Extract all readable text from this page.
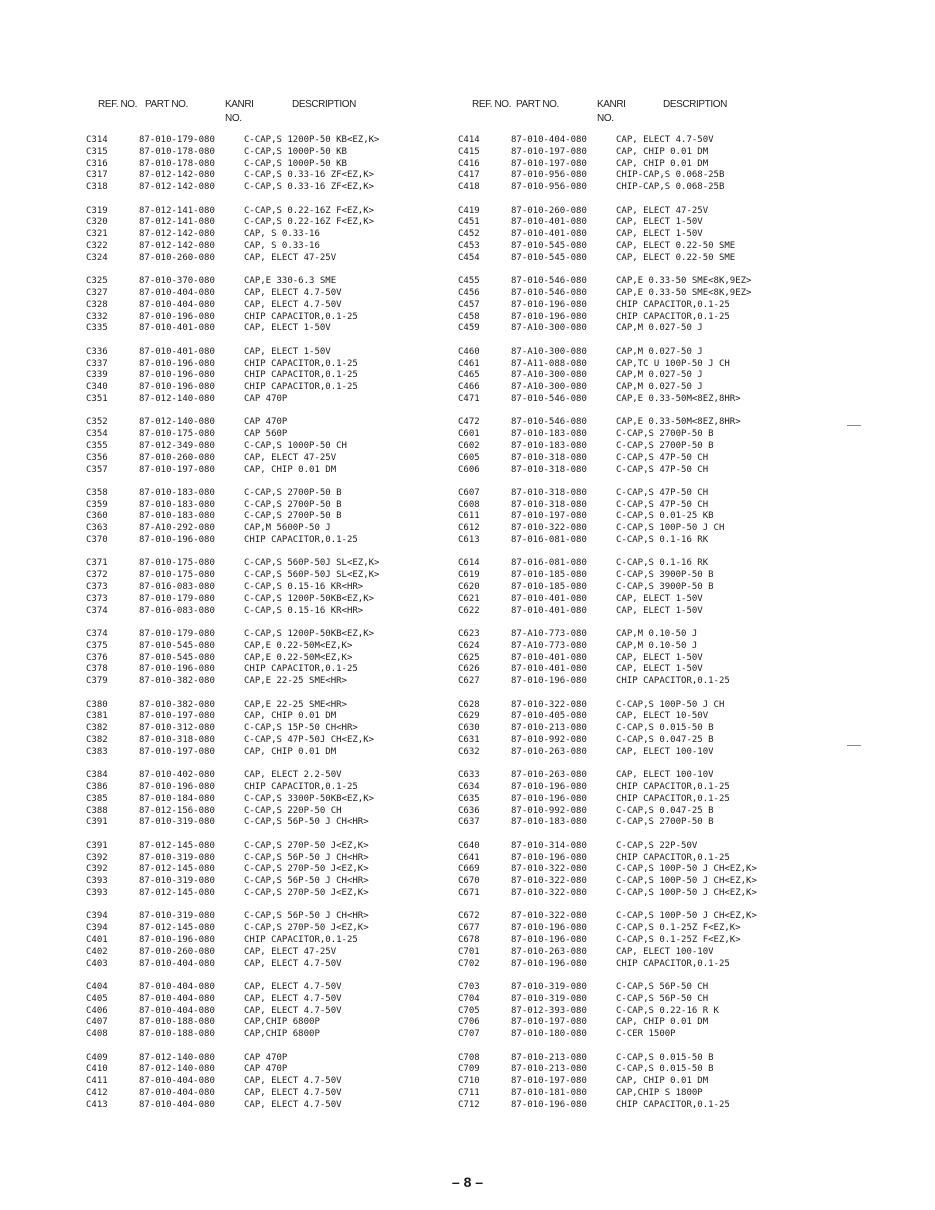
REF. NO. PART NO.	KANRI
NO.
DESCRIPTION	REF. NO. PART NO.	KANRI
NO.
DESCRIPTION
C314	87-010-179-080	C-CAP,S 1200P-50 KB<EZ,K>
C315	87-010-178-080	C-CAP,S 1000P-50 KB
C316	87-010-178-080	C-CAP,S 1000P-50 KB
C317	87-012-142-080	C-CAP,S 0.33-16 ZF<EZ,K>
C318	87-012-142-080	C-CAP,S 0.33-16 ZF<EZ,K>
C319	87-012-141-080	C-CAP,S 0.22-16Z F<EZ,K>
C320	87-012-141-080	C-CAP,S 0.22-16Z F<EZ,K>
C321	87-012-142-080	CAP, S 0.33-16
C322	87-012-142-080	CAP, S 0.33-16
C324	87-010-260-080	CAP, ELECT 47-25V
C325	87-010-370-080	CAP,E 330-6.3 SME
C327	87-010-404-080	CAP, ELECT 4.7-50V
C328	87-010-404-080	CAP, ELECT 4.7-50V
C332	87-010-196-080	CHIP CAPACITOR,0.1-25
C335	87-010-401-080	CAP, ELECT 1-50V
C336	87-010-401-080	CAP, ELECT 1-50V
C337	87-010-196-080	CHIP CAPACITOR,0.1-25
C339	87-010-196-080	CHIP CAPACITOR,0.1-25
C340	87-010-196-080	CHIP CAPACITOR,0.1-25
C351	87-012-140-080	CAP 470P
C352	87-012-140-080	CAP 470P
C354	87-010-175-080	CAP 560P
C355	87-012-349-080	C-CAP,S 1000P-50 CH
C356	87-010-260-080	CAP, ELECT 47-25V
C357	87-010-197-080	CAP, CHIP 0.01 DM
C358	87-010-183-080	C-CAP,S 2700P-50 B
C359	87-010-183-080	C-CAP,S 2700P-50 B
C360	87-010-183-080	C-CAP,S 2700P-50 B
C363	87-A10-292-080	CAP,M 5600P-50 J
C370	87-010-196-080	CHIP CAPACITOR,0.1-25
C371	87-010-175-080	C-CAP,S 560P-50J SL<EZ,K>
C372	87-010-175-080	C-CAP,S 560P-50J SL<EZ,K>
C373	87-016-083-080	C-CAP,S 0.15-16 KR<HR>
C373	87-010-179-080	C-CAP,S 1200P-50KB<EZ,K>
C374	87-016-083-080	C-CAP,S 0.15-16 KR<HR>
C374	87-010-179-080	C-CAP,S 1200P-50KB<EZ,K>
C375	87-010-545-080	CAP,E 0.22-50M<EZ,K>
C376	87-010-545-080	CAP,E 0.22-50M<EZ,K>
C378	87-010-196-080	CHIP CAPACITOR,0.1-25
C379	87-010-382-080	CAP,E 22-25 SME<HR>
C380	87-010-382-080	CAP,E 22-25 SME<HR>
C381	87-010-197-080	CAP, CHIP 0.01 DM
C382	87-010-312-080	C-CAP,S 15P-50 CH<HR>
C382	87-010-318-080	C-CAP,S 47P-50J CH<EZ,K>
C383	87-010-197-080	CAP, CHIP 0.01 DM
C384	87-010-402-080	CAP, ELECT 2.2-50V
C386	87-010-196-080	CHIP CAPACITOR,0.1-25
C385	87-010-184-080	C-CAP,S 3300P-50KB<EZ,K>
C388	87-012-156-080	C-CAP,S 220P-50 CH
C391	87-010-319-080	C-CAP,S 56P-50 J CH<HR>
C391	87-012-145-080	C-CAP,S 270P-50 J<EZ,K>
C392	87-010-319-080	C-CAP,S 56P-50 J CH<HR>
C392	87-012-145-080	C-CAP,S 270P-50 J<EZ,K>
C393	87-010-319-080	C-CAP,S 56P-50 J CH<HR>
C393	87-012-145-080	C-CAP,S 270P-50 J<EZ,K>
C394	87-010-319-080	C-CAP,S 56P-50 J CH<HR>
C394	87-012-145-080	C-CAP,S 270P-50 J<EZ,K>
C401	87-010-196-080	CHIP CAPACITOR,0.1-25
C402	87-010-260-080	CAP, ELECT 47-25V
C403	87-010-404-080	CAP, ELECT 4.7-50V
C404	87-010-404-080	CAP, ELECT 4.7-50V
C405	87-010-404-080	CAP, ELECT 4.7-50V
C406	87-010-404-080	CAP, ELECT 4.7-50V
C407	87-010-188-080	CAP,CHIP 6800P
C408	87-010-188-080	CAP,CHIP 6800P
C409	87-012-140-080	CAP 470P
C410	87-012-140-080	CAP 470P
C411	87-010-404-080	CAP, ELECT 4.7-50V
C412	87-010-404-080	CAP, ELECT 4.7-50V
C413	87-010-404-080	CAP, ELECT 4.7-50V
C414	87-010-404-080	CAP, ELECT 4.7-50V
C415	87-010-197-080	CAP, CHIP 0.01 DM
C416	87-010-197-080	CAP, CHIP 0.01 DM
C417	87-010-956-080	CHIP-CAP,S 0.068-25B
C418	87-010-956-080	CHIP-CAP,S 0.068-25B
C419	87-010-260-080	CAP, ELECT 47-25V
C451	87-010-401-080	CAP, ELECT 1-50V
C452	87-010-401-080	CAP, ELECT 1-50V
C453	87-010-545-080	CAP, ELECT 0.22-50 SME
C454	87-010-545-080	CAP, ELECT 0.22-50 SME
C455	87-010-546-080	CAP,E 0.33-50 SME<8K,9EZ>
C456	87-010-546-080	CAP,E 0.33-50 SME<8K,9EZ>
C457	87-010-196-080	CHIP CAPACITOR,0.1-25
C458	87-010-196-080	CHIP CAPACITOR,0.1-25
C459	87-A10-300-080	CAP,M 0.027-50 J
C460	87-A10-300-080	CAP,M 0.027-50 J
C461	87-A11-088-080	CAP,TC U 100P-50 J CH
C465	87-A10-300-080	CAP,M 0.027-50 J
C466	87-A10-300-080	CAP,M 0.027-50 J
C471	87-010-546-080	CAP,E 0.33-50M<8EZ,8HR>
C472	87-010-546-080	CAP,E 0.33-50M<8EZ,8HR>
C601	87-010-183-080	C-CAP,S 2700P-50 B
C602	87-010-183-080	C-CAP,S 2700P-50 B
C605	87-010-318-080	C-CAP,S 47P-50 CH
C606	87-010-318-080	C-CAP,S 47P-50 CH
C607	87-010-318-080	C-CAP,S 47P-50 CH
C608	87-010-318-080	C-CAP,S 47P-50 CH
C611	87-010-197-080	C-CAP,S 0.01-25 KB
C612	87-010-322-080	C-CAP,S 100P-50 J CH
C613	87-016-081-080	C-CAP,S 0.1-16 RK
C614	87-016-081-080	C-CAP,S 0.1-16 RK
C619	87-010-185-080	C-CAP,S 3900P-50 B
C620	87-010-185-080	C-CAP,S 3900P-50 B
C621	87-010-401-080	CAP, ELECT 1-50V
C622	87-010-401-080	CAP, ELECT 1-50V
C623	87-A10-773-080	CAP,M 0.10-50 J
C624	87-A10-773-080	CAP,M 0.10-50 J
C625	87-010-401-080	CAP, ELECT 1-50V
C626	87-010-401-080	CAP, ELECT 1-50V
C627	87-010-196-080	CHIP CAPACITOR,0.1-25
C628	87-010-322-080	C-CAP,S 100P-50 J CH
C629	87-010-405-080	CAP, ELECT 10-50V
C630	87-010-213-080	C-CAP,S 0.015-50 B
C631	87-010-992-080	C-CAP,S 0.047-25 B
C632	87-010-263-080	CAP, ELECT 100-10V
C633	87-010-263-080	CAP, ELECT 100-10V
C634	87-010-196-080	CHIP CAPACITOR,0.1-25
C635	87-010-196-080	CHIP CAPACITOR,0.1-25
C636	87-010-992-080	C-CAP,S 0.047-25 B
C637	87-010-183-080	C-CAP,S 2700P-50 B
C640	87-010-314-080	C-CAP,S 22P-50V
C641	87-010-196-080	CHIP CAPACITOR,0.1-25
C669	87-010-322-080	C-CAP,S 100P-50 J CH<EZ,K>
C670	87-010-322-080	C-CAP,S 100P-50 J CH<EZ,K>
C671	87-010-322-080	C-CAP,S 100P-50 J CH<EZ,K>
C672	87-010-322-080	C-CAP,S 100P-50 J CH<EZ,K>
C677	87-010-196-080	C-CAP,S 0.1-25Z F<EZ,K>
C678	87-010-196-080	C-CAP,S 0.1-25Z F<EZ,K>
C701	87-010-263-080	CAP, ELECT 100-10V
C702	87-010-196-080	CHIP CAPACITOR,0.1-25
C703	87-010-319-080	C-CAP,S 56P-50 CH
C704	87-010-319-080	C-CAP,S 56P-50 CH
C705	87-012-393-080	C-CAP,S 0.22-16 R K
C706	87-010-197-080	CAP, CHIP 0.01 DM
C707	87-010-180-080	C-CER 1500P
C708	87-010-213-080	C-CAP,S 0.015-50 B
C709	87-010-213-080	C-CAP,S 0.015-50 B
C710	87-010-197-080	CAP, CHIP 0.01 DM
C711	87-010-181-080	CAP,CHIP S 1800P
C712	87-010-196-080	CHIP CAPACITOR,0.1-25
– 8 –
